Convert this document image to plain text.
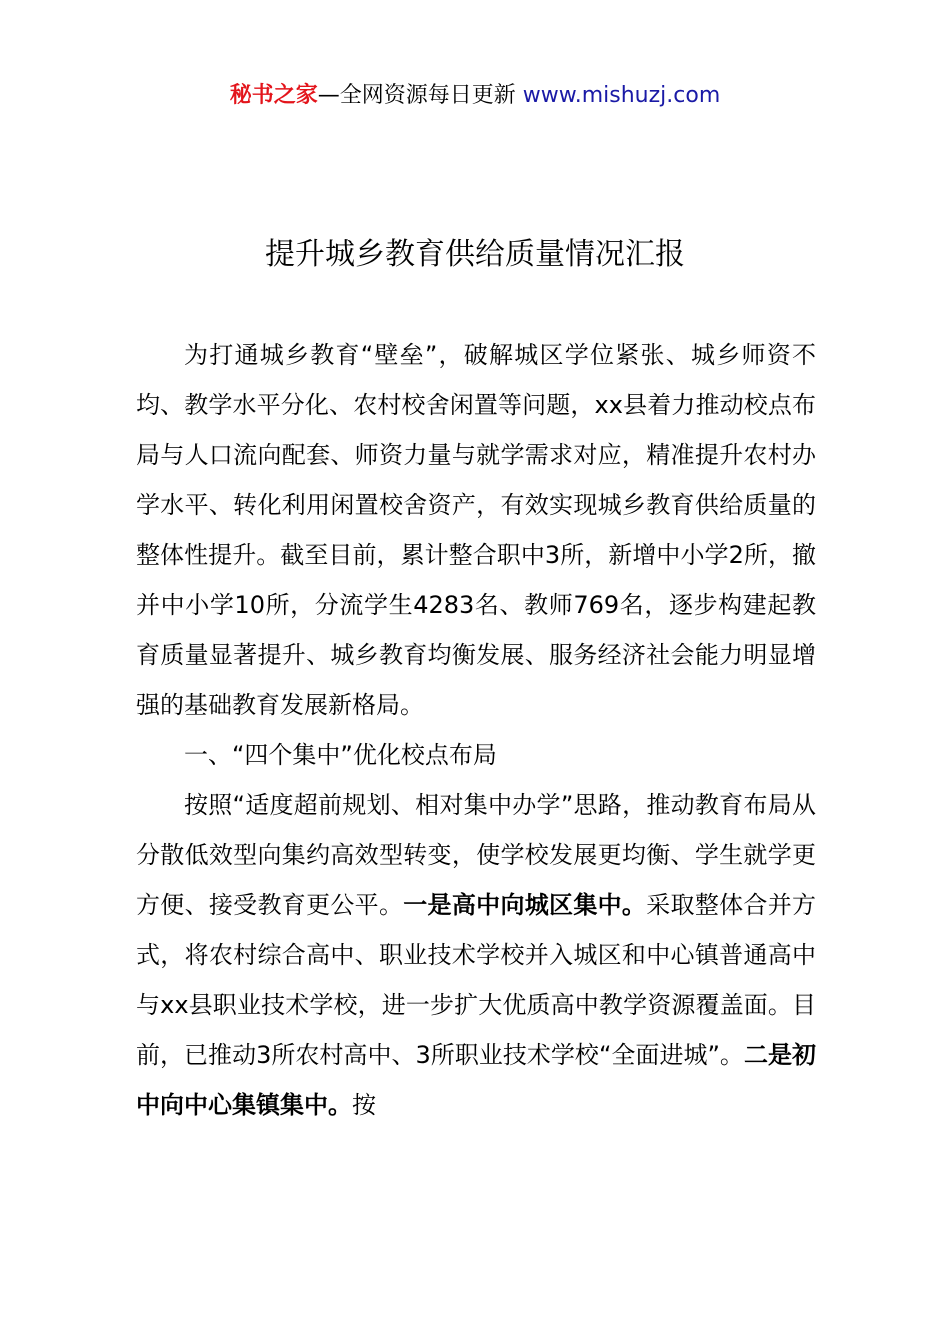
秘书之家—全网资源每日更新 www.mishuzj.com
提升城乡教育供给质量情况汇报

为打通城乡教育“壁垒”，破解城区学位紧张、城乡师资不均、教学水平分化、农村校舍闲置等问题，xx县着力推动校点布局与人口流向配套、师资力量与就学需求对应，精准提升农村办学水平、转化利用闲置校舍资产，有效实现城乡教育供给质量的整体性提升。截至目前，累计整合职中3所，新增中小学2所，撤并中小学10所，分流学生4283名、教师769名，逐步构建起教育质量显著提升、城乡教育均衡发展、服务经济社会能力明显增强的基础教育发展新格局。

一、“四个集中”优化校点布局

按照“适度超前规划、相对集中办学”思路，推动教育布局从分散低效型向集约高效型转变，使学校发展更均衡、学生就学更方便、接受教育更公平。一是高中向城区集中。采取整体合并方式，将农村综合高中、职业技术学校并入城区和中心镇普通高中与xx县职业技术学校，进一步扩大优质高中教学资源覆盖面。目前，已推动3所农村高中、3所职业技术学校“全面进城”。二是初中向中心集镇集中。按
